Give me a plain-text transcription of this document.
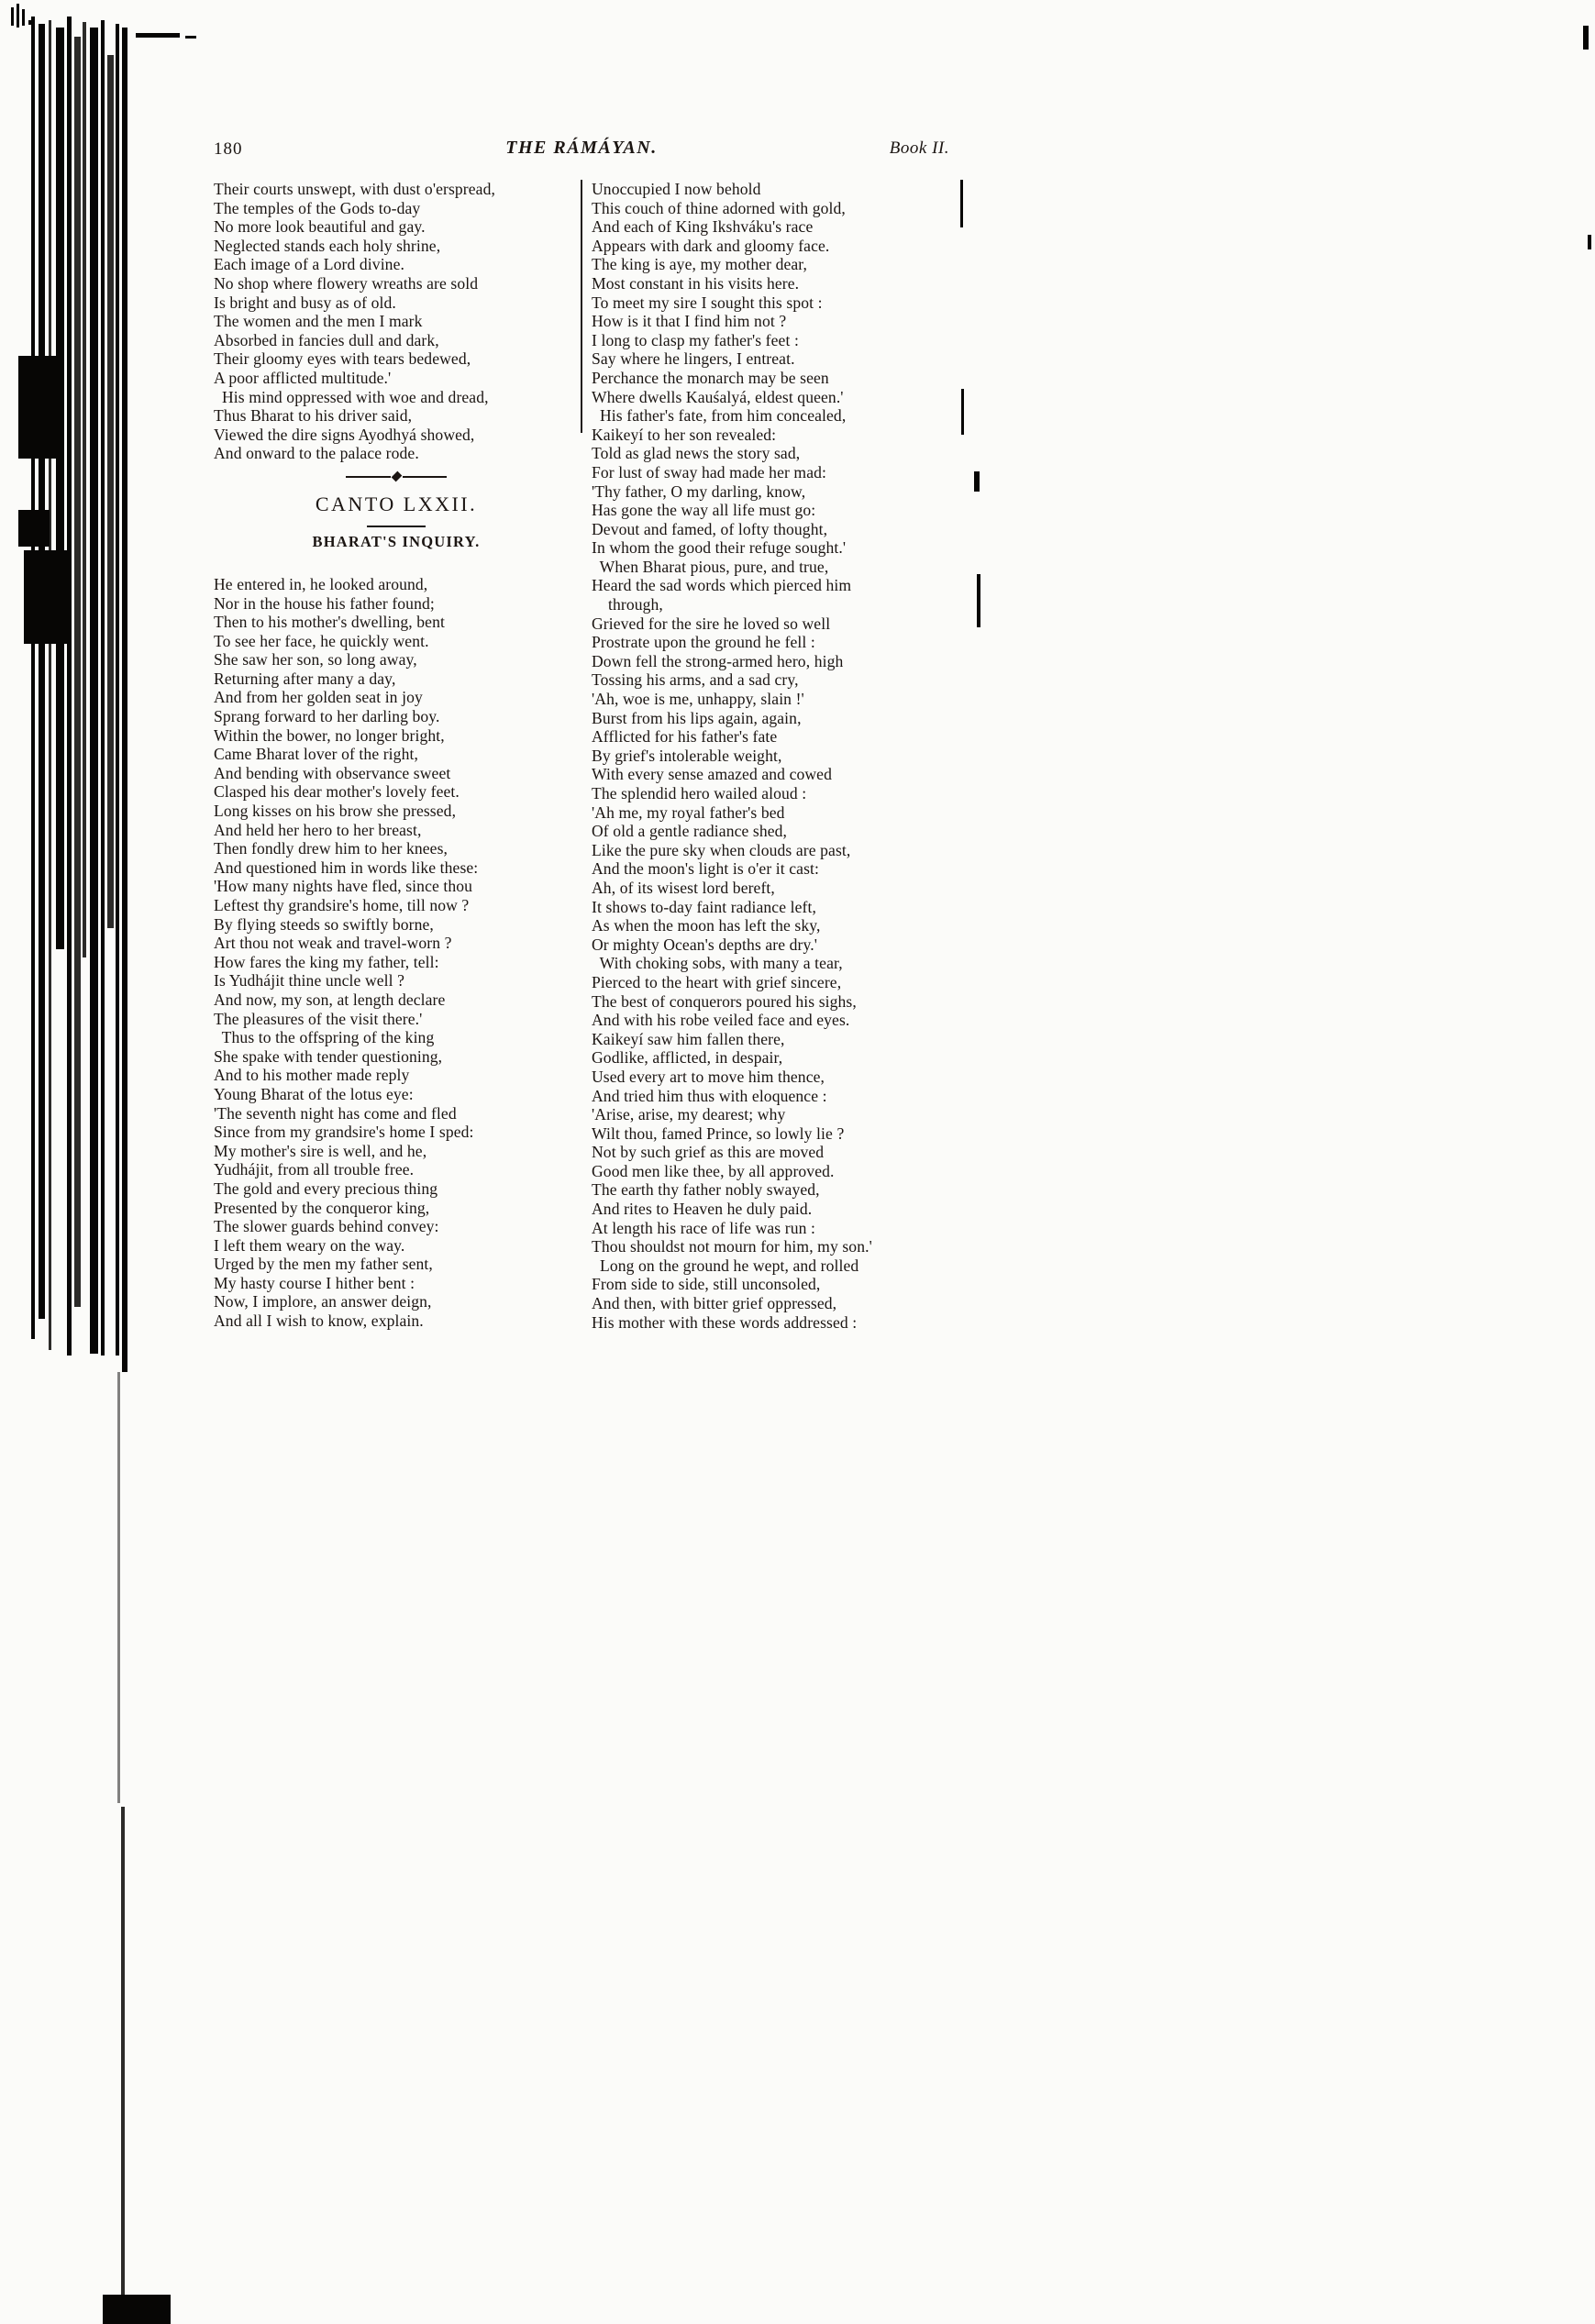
180	THE RÁMÁYAN.	Book II.
Their courts unswept, with dust o'erspread,
The temples of the Gods to-day
No more look beautiful and gay.
Neglected stands each holy shrine,
Each image of a Lord divine.
No shop where flowery wreaths are sold
Is bright and busy as of old.
The women and the men I mark
Absorbed in fancies dull and dark,
Their gloomy eyes with tears bedewed,
A poor afflicted multitude.'
His mind oppressed with woe and dread,
Thus Bharat to his driver said,
Viewed the dire signs Ayodhyá showed,
And onward to the palace rode.
CANTO LXXII.
BHARAT'S INQUIRY.
He entered in, he looked around,
Nor in the house his father found;
Then to his mother's dwelling, bent
To see her face, he quickly went.
She saw her son, so long away,
Returning after many a day,
And from her golden seat in joy
Sprang forward to her darling boy.
Within the bower, no longer bright,
Came Bharat lover of the right,
And bending with observance sweet
Clasped his dear mother's lovely feet.
Long kisses on his brow she pressed,
And held her hero to her breast,
Then fondly drew him to her knees,
And questioned him in words like these:
'How many nights have fled, since thou
Leftest thy grandsire's home, till now ?
By flying steeds so swiftly borne,
Art thou not weak and travel-worn ?
How fares the king my father, tell:
Is Yudhájit thine uncle well ?
And now, my son, at length declare
The pleasures of the visit there.'
Thus to the offspring of the king
She spake with tender questioning,
And to his mother made reply
Young Bharat of the lotus eye:
'The seventh night has come and fled
Since from my grandsire's home I sped:
My mother's sire is well, and he,
Yudhájit, from all trouble free.
The gold and every precious thing
Presented by the conqueror king,
The slower guards behind convey:
I left them weary on the way.
Urged by the men my father sent,
My hasty course I hither bent :
Now, I implore, an answer deign,
And all I wish to know, explain.
Unoccupied I now behold
This couch of thine adorned with gold,
And each of King Ikshváku's race
Appears with dark and gloomy face.
The king is aye, my mother dear,
Most constant in his visits here.
To meet my sire I sought this spot :
How is it that I find him not ?
I long to clasp my father's feet :
Say where he lingers, I entreat.
Perchance the monarch may be seen
Where dwells Kauśalyá, eldest queen.'
His father's fate, from him concealed,
Kaikeyí to her son revealed:
Told as glad news the story sad,
For lust of sway had made her mad:
'Thy father, O my darling, know,
Has gone the way all life must go:
Devout and famed, of lofty thought,
In whom the good their refuge sought.'
When Bharat pious, pure, and true,
Heard the sad words which pierced him
through,
Grieved for the sire he loved so well
Prostrate upon the ground he fell :
Down fell the strong-armed hero, high
Tossing his arms, and a sad cry,
'Ah, woe is me, unhappy, slain !'
Burst from his lips again, again,
Afflicted for his father's fate
By grief's intolerable weight,
With every sense amazed and cowed
The splendid hero wailed aloud :
'Ah me, my royal father's bed
Of old a gentle radiance shed,
Like the pure sky when clouds are past,
And the moon's light is o'er it cast:
Ah, of its wisest lord bereft,
It shows to-day faint radiance left,
As when the moon has left the sky,
Or mighty Ocean's depths are dry.'
With choking sobs, with many a tear,
Pierced to the heart with grief sincere,
The best of conquerors poured his sighs,
And with his robe veiled face and eyes.
Kaikeyí saw him fallen there,
Godlike, afflicted, in despair,
Used every art to move him thence,
And tried him thus with eloquence :
'Arise, arise, my dearest; why
Wilt thou, famed Prince, so lowly lie ?
Not by such grief as this are moved
Good men like thee, by all approved.
The earth thy father nobly swayed,
And rites to Heaven he duly paid.
At length his race of life was run :
Thou shouldst not mourn for him, my son.'
Long on the ground he wept, and rolled
From side to side, still unconsoled,
And then, with bitter grief oppressed,
His mother with these words addressed :
